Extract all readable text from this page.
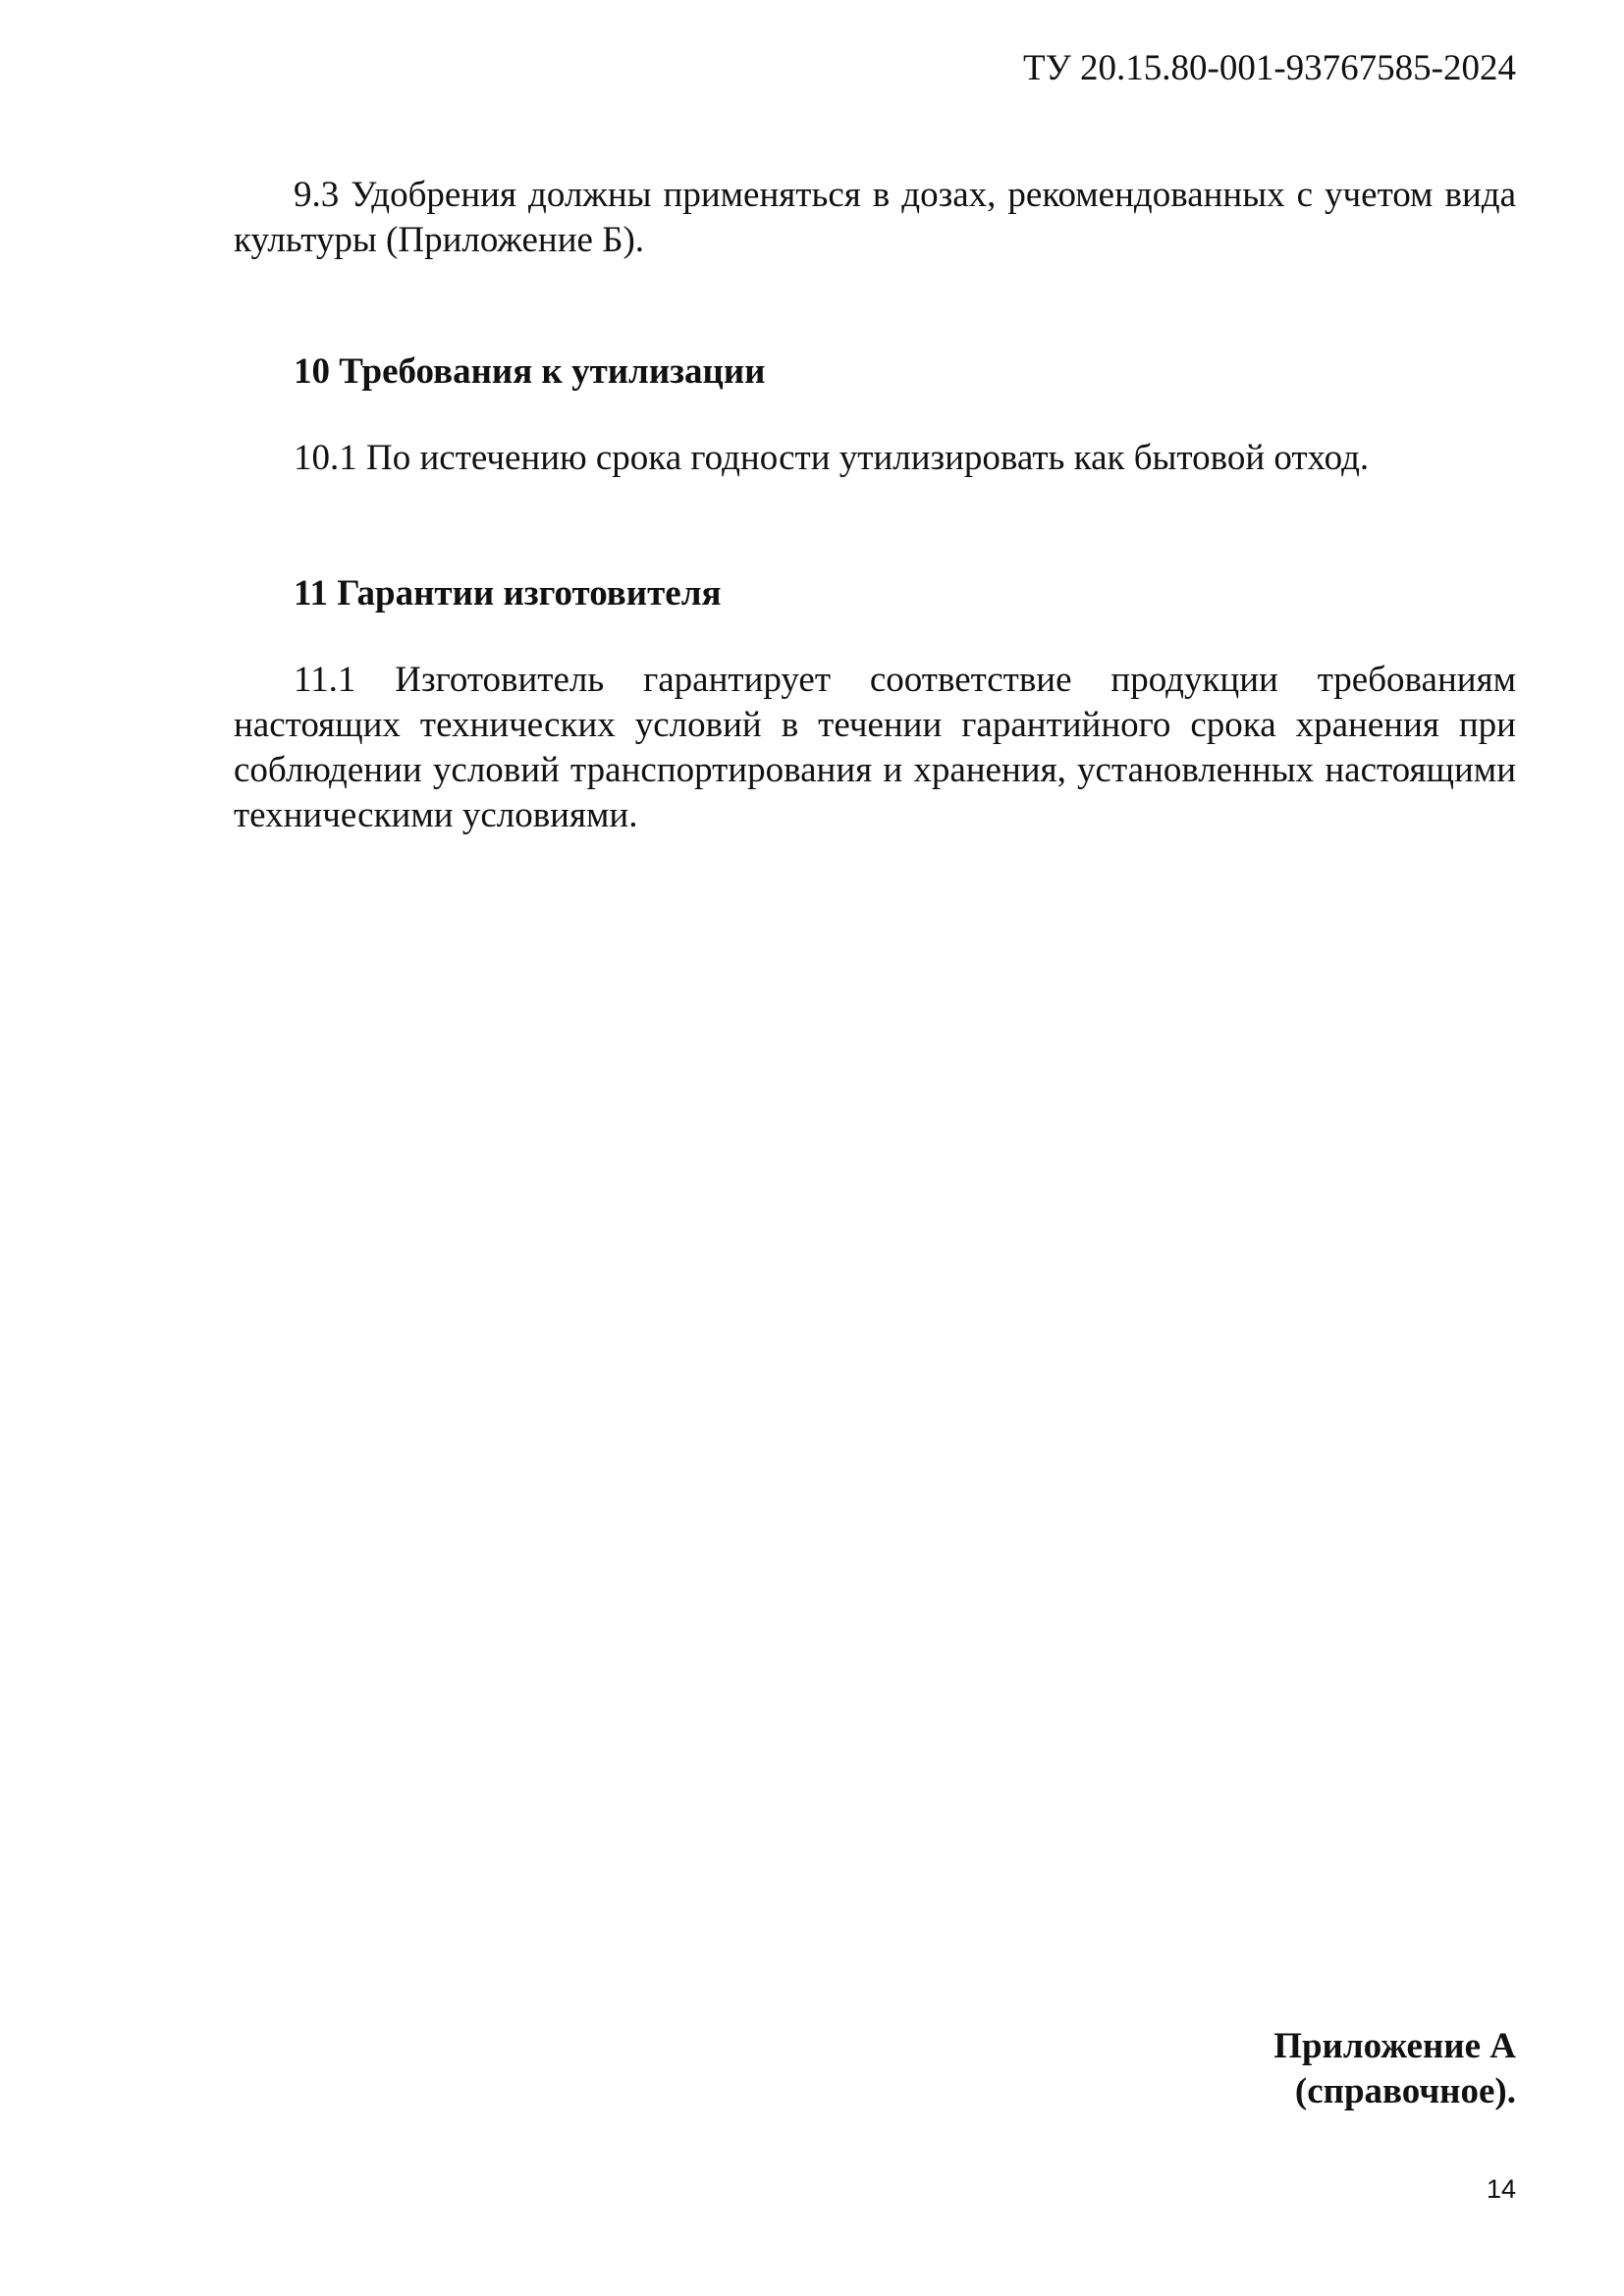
ТУ 20.15.80-001-93767585-2024

9.3 Удобрения должны применяться в дозах, рекомендованных с учетом вида культуры (Приложение Б).

10 Требования к утилизации

10.1 По истечению срока годности утилизировать как бытовой отход.

11 Гарантии изготовителя

11.1 Изготовитель гарантирует соответствие продукции требованиям настоящих технических условий в течении гарантийного срока хранения при соблюдении условий транспортирования и хранения, установленных настоящими техническими условиями.

Приложение А
(справочное).
14
